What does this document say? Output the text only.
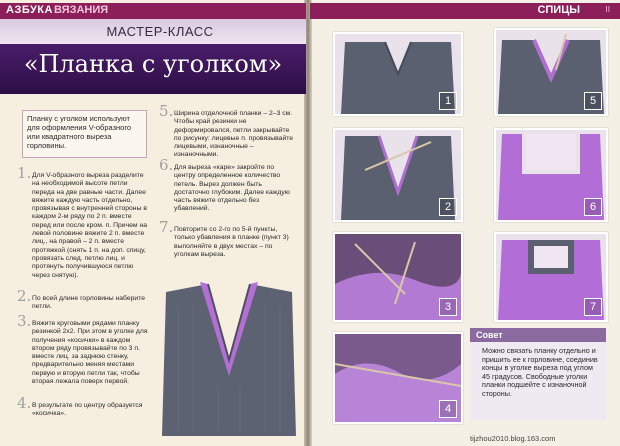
АЗБУКА ВЯЗАНИЯ	СПИЦЫ	II
МАСТЕР-КЛАСС
«Планка с уголком»
Планку с уголком используют для оформления V-образного или квадратного выреза горловины.
1. Для V-образного выреза разделите на необходимой высоте петли переда на две равные части. Далее вяжите каждую часть отдельно, провязывая с внутренней стороны в каждом 2-м ряду по 2 п. вместе перед или после кром. п. Причем на левой половине вяжите 2 п. вместе лиц., на правой – 2 п. вместе протяжкой (снять 1 п. на доп. спицу, провязать след. петлю лиц. и протянуть получившуюся петлю через снятую).
2. По всей длине горловины наберите петли.
3. Вяжите круговыми рядами планку резинкой 2х2. При этом в уголке для получения «косички» в каждом втором ряду провязывайте по 3 п. вместе лиц. за заднюю стенку, предварительно меняя местами первую и вторую петли так, чтобы вторая лежала поверх первой.
4. В результате по центру образуется «косичка».
5. Ширина отделочной планки – 2–3 см. Чтобы край резинки не деформировался, петли закрывайте по рисунку: лицевые п. провязывайте лицевыми, изнаночные – изнаночными.
6. Для выреза «каре» закройте по центру определенное количество петель. Вырез должен быть достаточно глубоким. Далее каждую часть вяжите отдельно без убавлений.
7. Повторите со 2-го по 5-й пункты, только убавления в планке (пункт 3) выполняйте в двух местах – по уголкам выреза.
1
2
3
4
5
6
7
Совет
Можно связать планку отдельно и пришить ее к горловине, соединив концы в уголке выреза под углом 45 градусов. Свободные уголки планки подшейте с изнаночной стороны.
tijzhou2010.blog.163.com
